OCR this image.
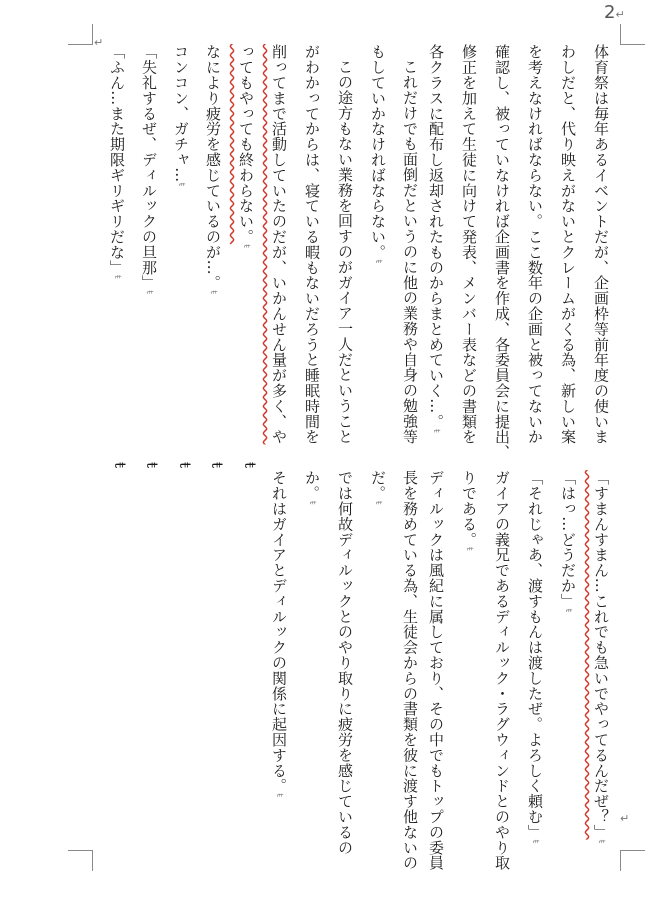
2↵
↵
↵
体育祭は毎年あるイベントだが、企画枠等前年度の使いま
わしだと、代り映えがないとクレームがくる為、新しい案
を考えなければならない。ここ数年の企画と被ってないか
確認し、被っていなければ企画書を作成、各委員会に提出、
修正を加えて生徒に向けて発表、メンバー表などの書類を
各クラスに配布し返却されたものからまとめていく…。ŧ
これだけでも面倒だというのに他の業務や自身の勉強等
もしていかなければならない。ŧ
この途方もない業務を回すのがガイア一人だということ
がわかってからは、寝ている暇もないだろうと睡眠時間を
削ってまで活動していたのだが、いかんせん量が多く、や
ってもやっても終わらない。ŧ
なにより疲労を感じているのが…。ŧ
コンコン、ガチャ…ŧ
「失礼するぜ、ディルックの旦那」ŧ
「ふん…また期限ギリギリだな」ŧ
ŧ ŧ ŧ ŧ ŧ
「すまんすまん…これでも急いでやってるんだぜ？」ŧ
「はっ…どうだか」ŧ
「それじゃあ、渡すもんは渡したぜ。よろしく頼む」ŧ
ガイアの義兄であるディルック・ラグウィンドとのやり取
りである。ŧ
ディルックは風紀に属しており、その中でもトップの委員
長を務めている為、生徒会からの書類を彼に渡す他ないの
だ。ŧ
では何故ディルックとのやり取りに疲労を感じているの
か。ŧ
それはガイアとディルックの関係に起因する。ŧ
